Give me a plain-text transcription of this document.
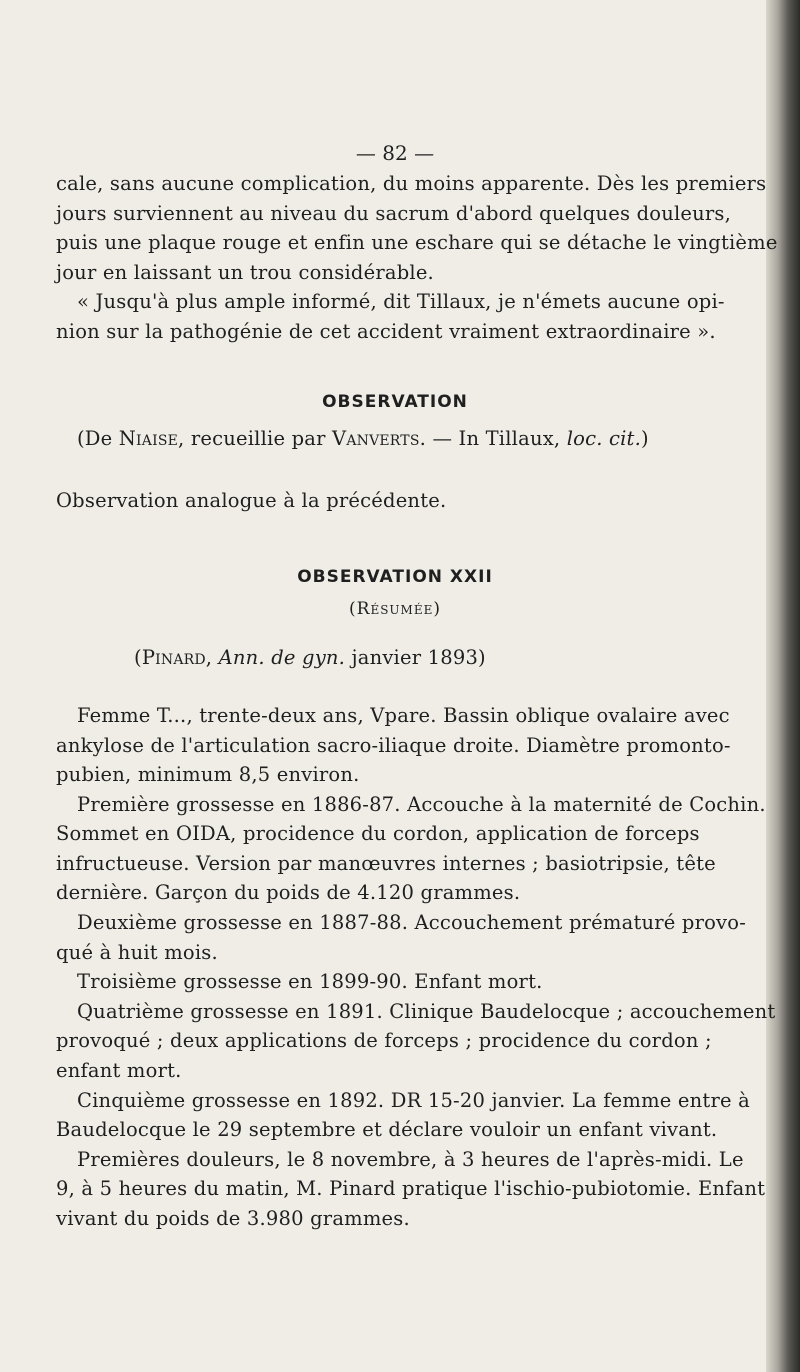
— 82 —
cale, sans aucune complication, du moins apparente. Dès les premiers
jours surviennent au niveau du sacrum d'abord quelques douleurs,
puis une plaque rouge et enfin une eschare qui se détache le vingtième
jour en laissant un trou considérable.
« Jusqu'à plus ample informé, dit Tillaux, je n'émets aucune opi-
nion sur la pathogénie de cet accident vraiment extraordinaire ».
OBSERVATION
(De Niaise, recueillie par Vanverts. — In Tillaux, loc. cit.)
Observation analogue à la précédente.
OBSERVATION XXII
(Résumée)
(Pinard, Ann. de gyn. janvier 1893)
Femme T..., trente-deux ans, Vpare. Bassin oblique ovalaire avec
ankylose de l'articulation sacro-iliaque droite. Diamètre promonto-
pubien, minimum 8,5 environ.
Première grossesse en 1886-87. Accouche à la maternité de Cochin.
Sommet en OIDA, procidence du cordon, application de forceps
infructueuse. Version par manœuvres internes ; basiotripsie, tête
dernière. Garçon du poids de 4.120 grammes.
Deuxième grossesse en 1887-88. Accouchement prématuré provo-
qué à huit mois.
Troisième grossesse en 1899-90. Enfant mort.
Quatrième grossesse en 1891. Clinique Baudelocque ; accouchement
provoqué ; deux applications de forceps ; procidence du cordon ;
enfant mort.
Cinquième grossesse en 1892. DR 15-20 janvier. La femme entre à
Baudelocque le 29 septembre et déclare vouloir un enfant vivant.
Premières douleurs, le 8 novembre, à 3 heures de l'après-midi. Le
9, à 5 heures du matin, M. Pinard pratique l'ischio-pubiotomie. Enfant
vivant du poids de 3.980 grammes.
